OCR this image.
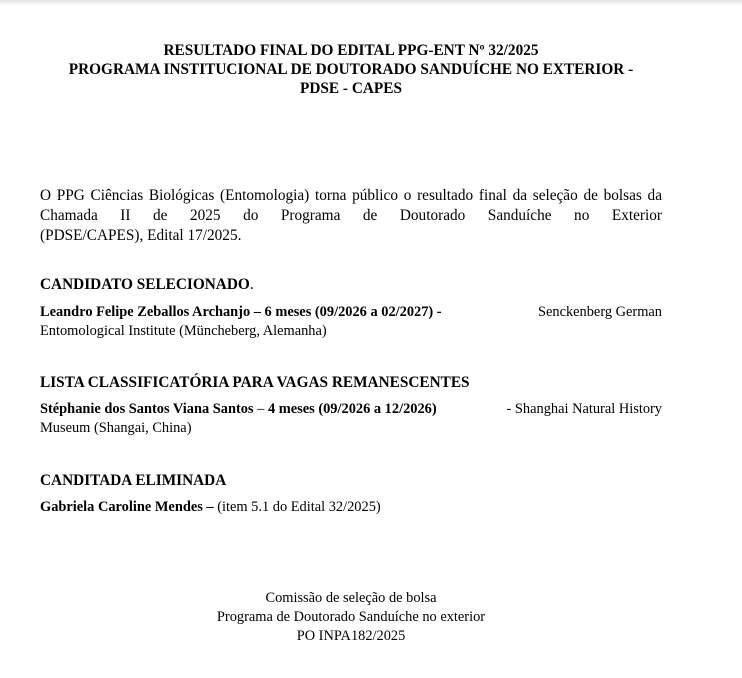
RESULTADO FINAL DO EDITAL PPG-ENT Nº 32/2025
PROGRAMA INSTITUCIONAL DE DOUTORADO SANDUÍCHE NO EXTERIOR -
PDSE - CAPES
O PPG Ciências Biológicas (Entomologia) torna público o resultado final da seleção de bolsas da
Chamada II de 2025 do Programa de Doutorado Sanduíche no Exterior
(PDSE/CAPES), Edital 17/2025.
CANDIDATO SELECIONADO.
Leandro Felipe Zeballos Archanjo – 6 meses (09/2026 a 02/2027) -	Senckenberg German
Entomological Institute (Müncheberg, Alemanha)
LISTA CLASSIFICATÓRIA PARA VAGAS REMANESCENTES
Stéphanie dos Santos Viana Santos – 4 meses (09/2026 a 12/2026)	- Shanghai Natural History
Museum (Shangai, China)
CANDITADA ELIMINADA
Gabriela Caroline Mendes – (item 5.1 do Edital 32/2025)
Comissão de seleção de bolsa
Programa de Doutorado Sanduíche no exterior
PO INPA182/2025
